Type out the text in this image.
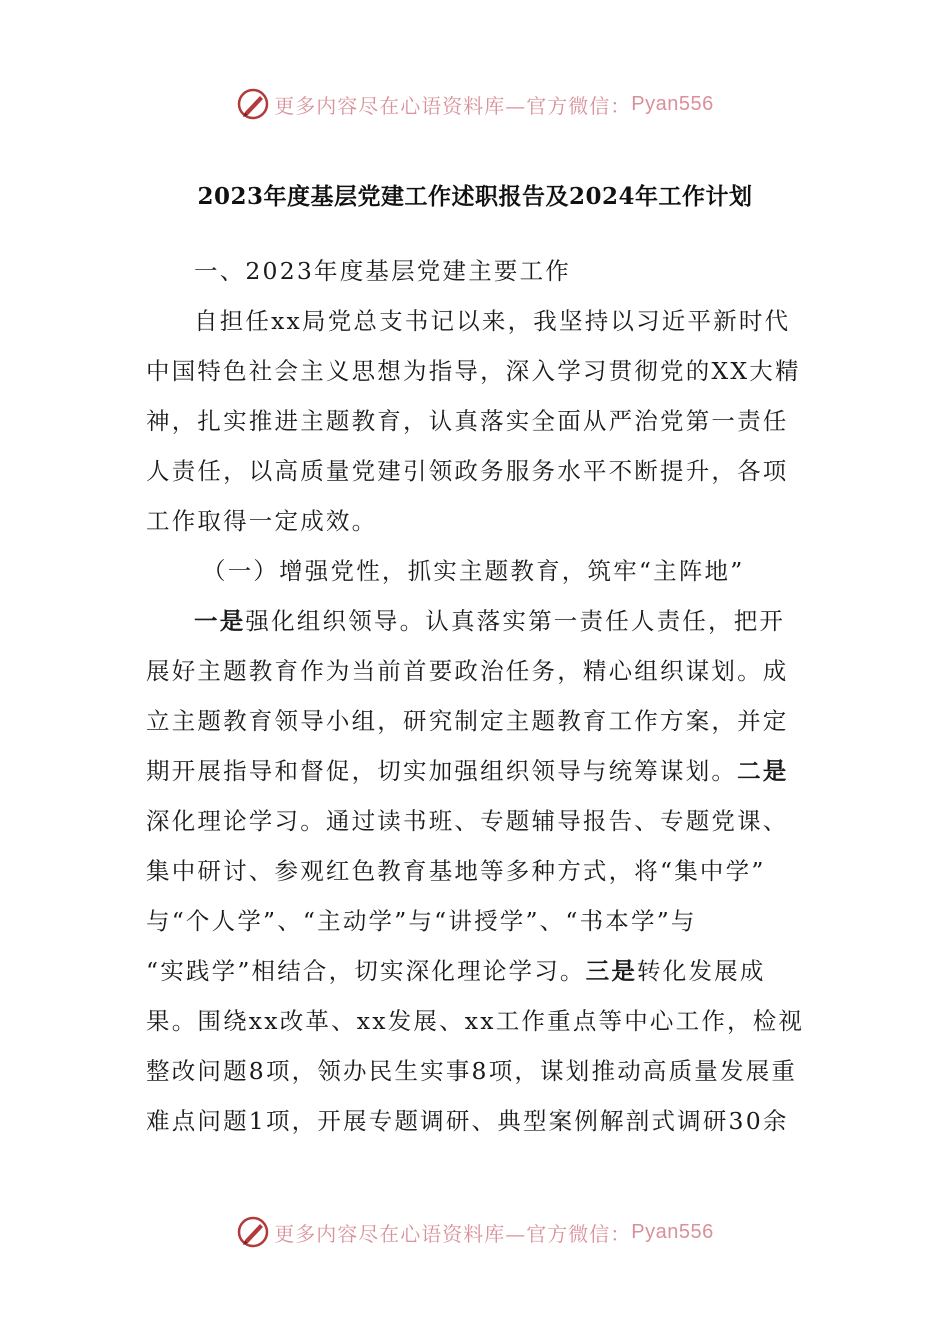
更多内容尽在心语资料库—官方微信： Pyan556
2023年度基层党建工作述职报告及2024年工作计划
一、2023年度基层党建主要工作
自担任xx局党总支书记以来，我坚持以习近平新时代
中国特色社会主义思想为指导，深入学习贯彻党的XX大精
神，扎实推进主题教育，认真落实全面从严治党第一责任
人责任，以高质量党建引领政务服务水平不断提升，各项
工作取得一定成效。
（一）增强党性，抓实主题教育，筑牢“主阵地”
一是强化组织领导。认真落实第一责任人责任，把开
展好主题教育作为当前首要政治任务，精心组织谋划。成
立主题教育领导小组，研究制定主题教育工作方案，并定
期开展指导和督促，切实加强组织领导与统筹谋划。二是
深化理论学习。通过读书班、专题辅导报告、专题党课、
集中研讨、参观红色教育基地等多种方式，将“集中学”
与“个人学”、“主动学”与“讲授学”、“书本学”与
“实践学”相结合，切实深化理论学习。三是转化发展成
果。围绕xx改革、xx发展、xx工作重点等中心工作，检视
整改问题8项，领办民生实事8项，谋划推动高质量发展重
难点问题1项，开展专题调研、典型案例解剖式调研30余
更多内容尽在心语资料库—官方微信： Pyan556
